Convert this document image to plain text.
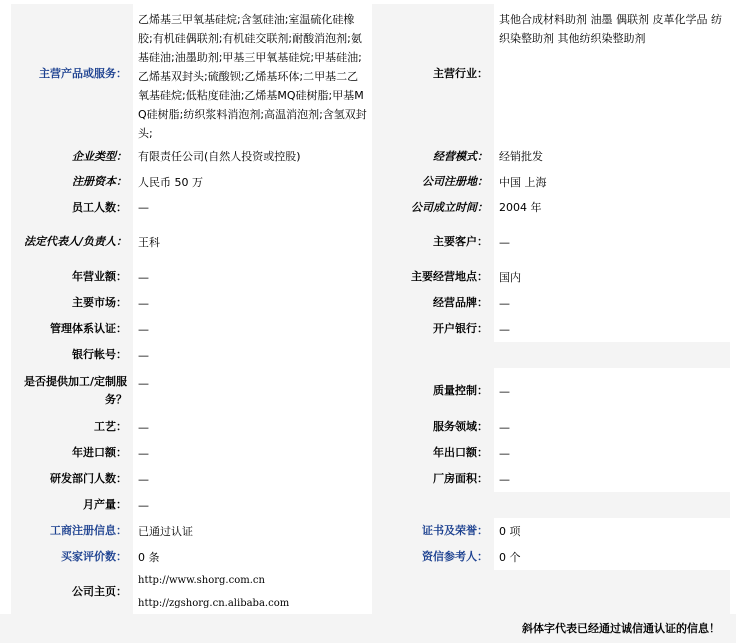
主营产品或服务：
乙烯基三甲氧基硅烷;含氢硅油;室温硫化硅橡胶;有机硅偶联剂;有机硅交联剂;耐酸消泡剂;氨基硅油;油墨助剂;甲基三甲氧基硅烷;甲基硅油;乙烯基双封头;硫酸钡;乙烯基环体;二甲基二乙氧基硅烷;低粘度硅油;乙烯基MQ硅树脂;甲基MQ硅树脂;纺织浆料消泡剂;高温消泡剂;含氢双封头;
主营行业：
其他合成材料助剂 油墨 偶联剂 皮革化学品 纺织染整助剂 其他纺织染整助剂
企业类型：	有限责任公司(自然人投资或控股)	经营模式：	经销批发
注册资本：	人民币 50 万	公司注册地：	中国 上海
员工人数：	—	公司成立时间：	2004 年
法定代表人/负责人：	王科	主要客户：	—
年营业额：	—	主要经营地点：	国内
主要市场：	—	经营品牌：	—
管理体系认证：	—	开户银行：	—
银行帐号：	—
是否提供加工/定制服务？
—
质量控制：	—
工艺：	—	服务领域：	—
年进口额：	—	年出口额：	—
研发部门人数：	—	厂房面积：	—
月产量：	—
工商注册信息：	已通过认证	证书及荣誉：	0 项
买家评价数：	0 条	资信参考人：	0 个
公司主页：
http://www.shorg.com.cn
http://zgshorg.cn.alibaba.com
斜体字代表已经通过诚信通认证的信息！
